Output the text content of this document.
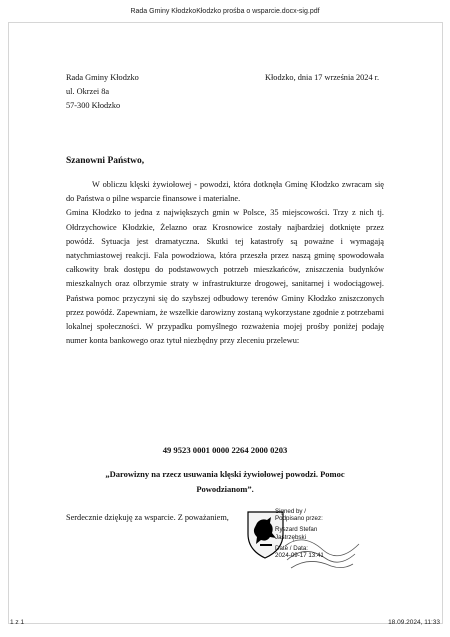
Rada Gminy KłodzkoKłodzko prośba o wsparcie.docx-sig.pdf
Rada Gminy Kłodzko
ul. Okrzei 8a
57-300 Kłodzko
Kłodzko, dnia 17 września 2024 r.
Szanowni Państwo,

W obliczu klęski żywiołowej - powodzi, która dotknęła Gminę Kłodzko zwracam się do Państwa o pilne wsparcie finansowe i materialne.

Gmina Kłodzko to jedna z największych gmin w Polsce, 35 miejscowości. Trzy z nich tj. Ołdrzychowice Kłodzkie, Żelazno oraz Krosnowice zostały najbardziej dotknięte przez powódź. Sytuacja jest dramatyczna. Skutki tej katastrofy są poważne i wymagają natychmiastowej reakcji. Fala powodziowa, która przeszła przez naszą gminę spowodowała całkowity brak dostępu do podstawowych potrzeb mieszkańców, zniszczenia budynków mieszkalnych oraz olbrzymie straty w infrastrukturze drogowej, sanitarnej i wodociągowej. Państwa pomoc przyczyni się do szybszej odbudowy terenów Gminy Kłodzko zniszczonych przez powódź. Zapewniam, że wszelkie darowizny zostaną wykorzystane zgodnie z potrzebami lokalnej społeczności. W przypadku pomyślnego rozważenia mojej prośby poniżej podaję numer konta bankowego oraz tytuł niezbędny przy zleceniu przelewu:

49 9523 0001 0000 2264 2000 0203
„Darowizny na rzecz usuwania klęski żywiołowej powodzi. Pomoc Powodzianom”.
Serdecznie dziękuję za wsparcie. Z poważaniem,
Signed by /
Podpisano przez:
Ryszard Stefan
Jastrzębski
Date / Data:
2024-09-17 13:41
1 z 1	18.09.2024, 11:33
